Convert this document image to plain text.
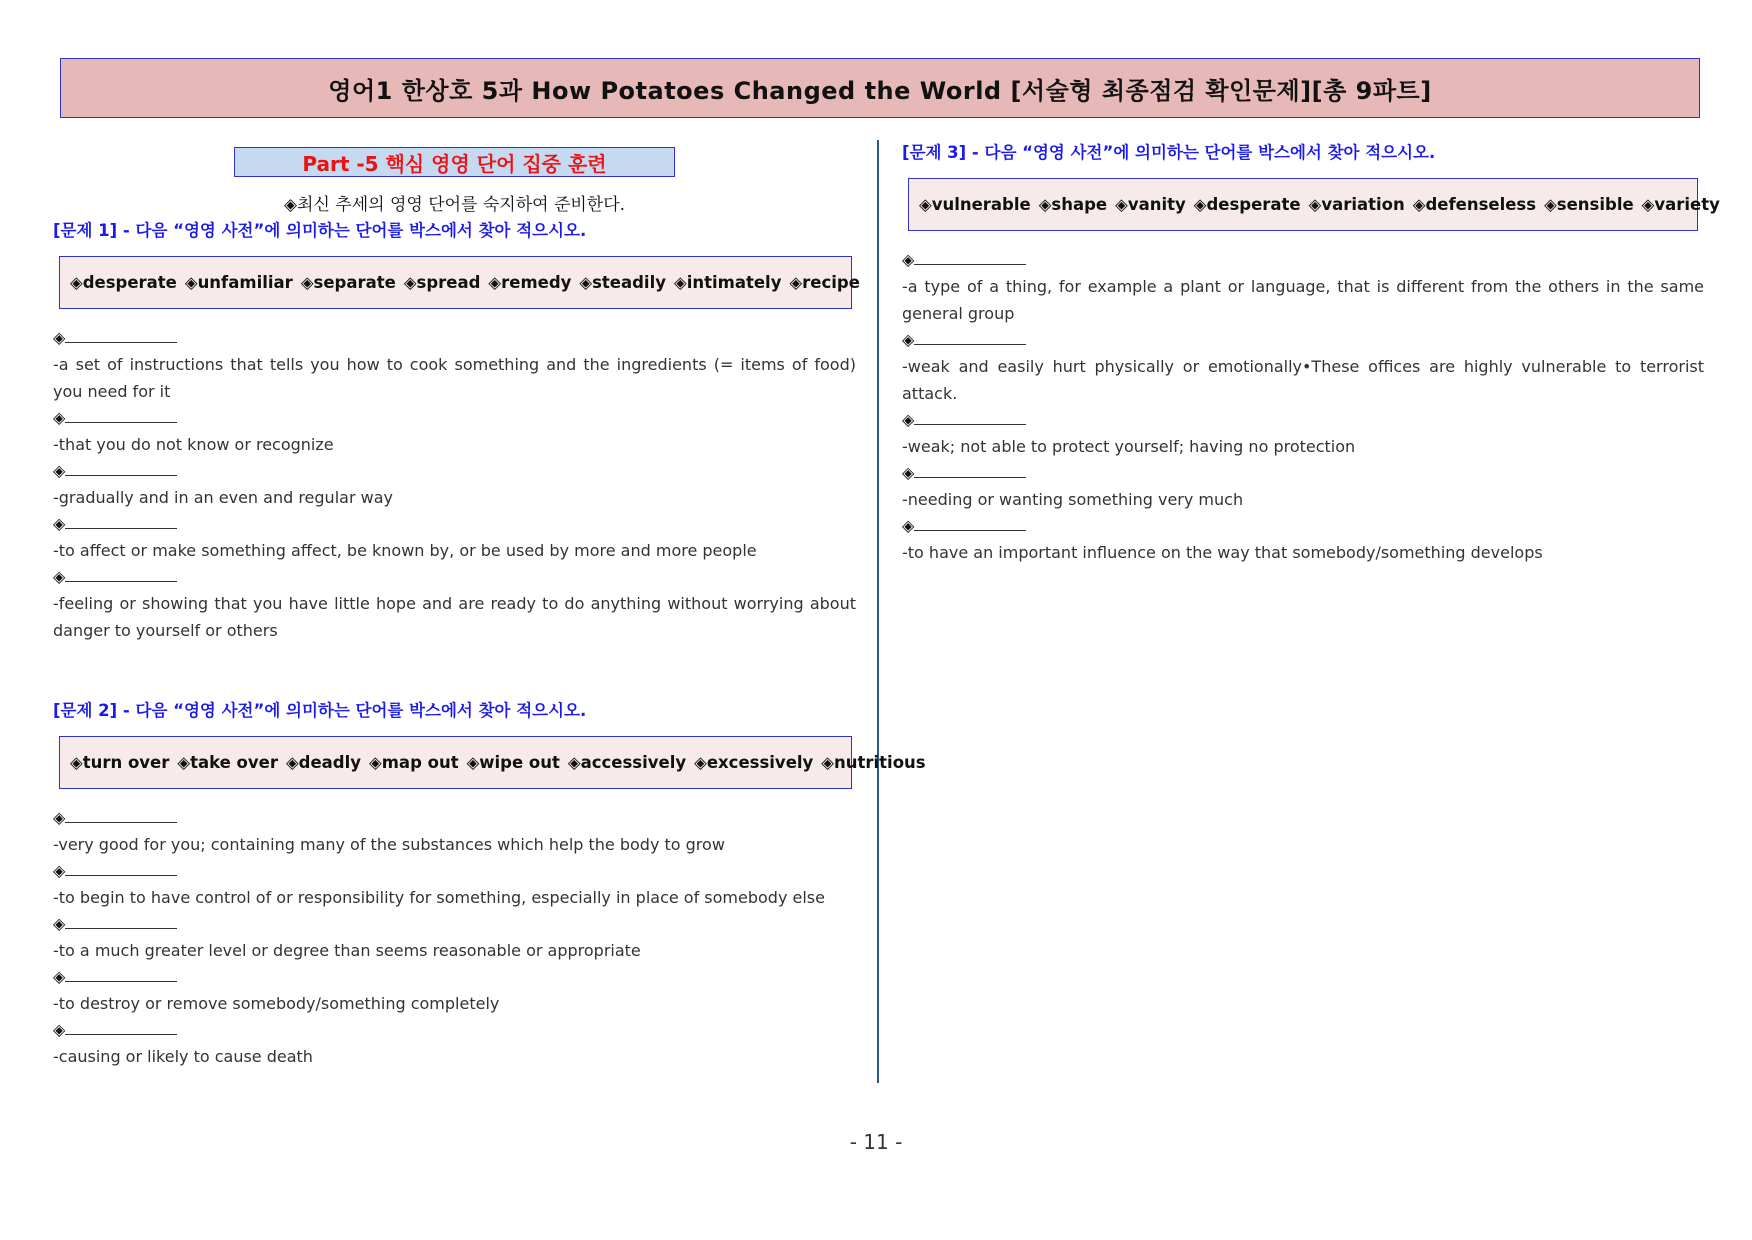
영어1 한상호 5과 How Potatoes Changed the World [서술형 최종점검 확인문제][총 9파트]
Part -5 핵심 영영 단어 집중 훈련
◈최신 추세의 영영 단어를 숙지하여 준비한다.
[문제 1] - 다음 “영영 사전”에 의미하는 단어를 박스에서 찾아 적으시오.
◈desperate ◈unfamiliar ◈separate ◈spread ◈remedy ◈steadily ◈intimately ◈recipe
◈
-a set of instructions that tells you how to cook something and the ingredients (= items of food) you need for it
◈
-that you do not know or recognize
◈
-gradually and in an even and regular way
◈
-to affect or make something affect, be known by, or be used by more and more people
◈
-feeling or showing that you have little hope and are ready to do anything without worrying about danger to yourself or others
[문제 2] - 다음 “영영 사전”에 의미하는 단어를 박스에서 찾아 적으시오.
◈turn over ◈take over ◈deadly ◈map out ◈wipe out ◈accessively ◈excessively ◈nutritious
◈
-very good for you; containing many of the substances which help the body to grow
◈
-to begin to have control of or responsibility for something, especially in place of somebody else
◈
-to a much greater level or degree than seems reasonable or appropriate
◈
-to destroy or remove somebody/something completely
◈
-causing or likely to cause death
[문제 3] - 다음 “영영 사전”에 의미하는 단어를 박스에서 찾아 적으시오.
◈vulnerable ◈shape ◈vanity ◈desperate ◈variation ◈defenseless ◈sensible ◈variety
◈
-a type of a thing, for example a plant or language, that is different from the others in the same general group
◈
-weak and easily hurt physically or emotionally•These offices are highly vulnerable to terrorist attack.
◈
-weak; not able to protect yourself; having no protection
◈
-needing or wanting something very much
◈
-to have an important influence on the way that somebody/something develops
- 11 -
